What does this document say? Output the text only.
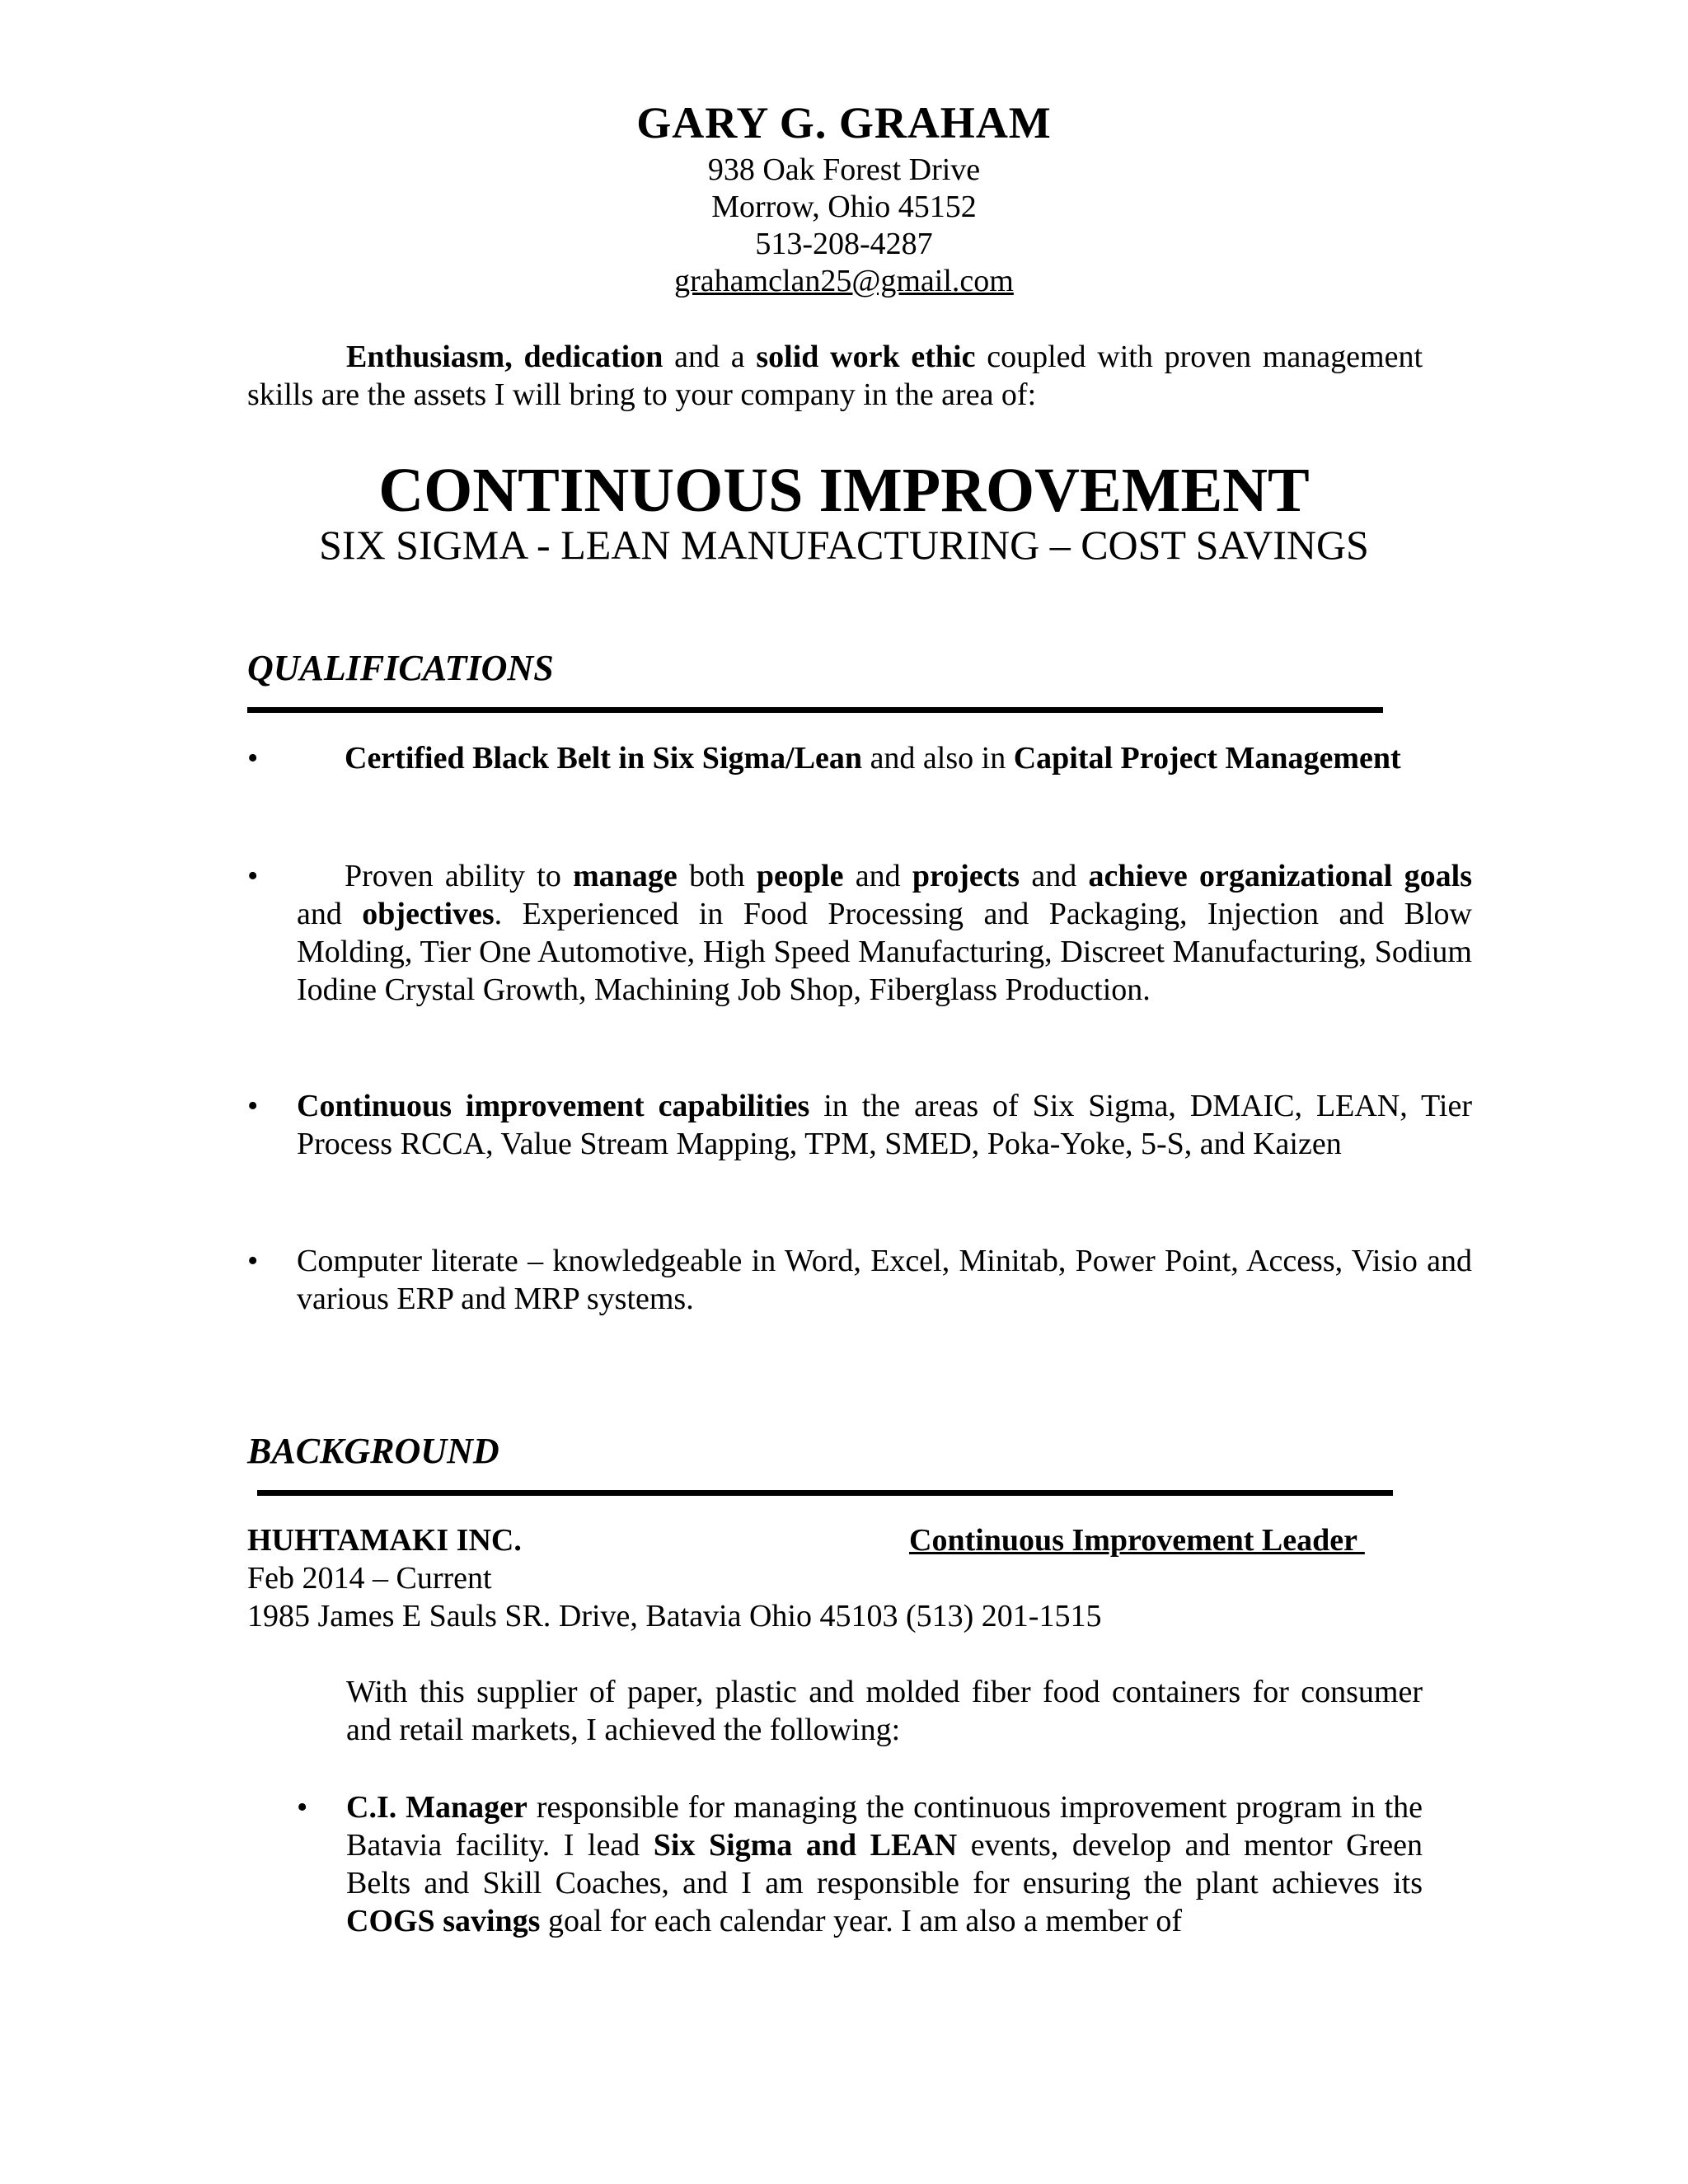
GARY G. GRAHAM
938 Oak Forest Drive
Morrow, Ohio 45152
513-208-4287
grahamclan25@gmail.com
Enthusiasm, dedication and a solid work ethic coupled with proven management skills are the assets I will bring to your company in the area of:
CONTINUOUS IMPROVEMENT
SIX SIGMA - LEAN MANUFACTURING – COST SAVINGS
QUALIFICATIONS
•	Certified Black Belt in Six Sigma/Lean and also in Capital Project Management
•	Proven ability to manage both people and projects and achieve organizational goals and objectives. Experienced in Food Processing and Packaging, Injection and Blow Molding, Tier One Automotive, High Speed Manufacturing, Discreet Manufacturing, Sodium Iodine Crystal Growth, Machining Job Shop, Fiberglass Production.
• Continuous improvement capabilities in the areas of Six Sigma, DMAIC, LEAN, Tier Process RCCA, Value Stream Mapping, TPM, SMED, Poka-Yoke, 5-S, and Kaizen
• Computer literate – knowledgeable in Word, Excel, Minitab, Power Point, Access, Visio and various ERP and MRP systems.
BACKGROUND
HUHTAMAKI INC.	Continuous Improvement Leader
Feb 2014 – Current
1985 James E Sauls SR. Drive, Batavia Ohio 45103 (513) 201-1515
With this supplier of paper, plastic and molded fiber food containers for consumer and retail markets, I achieved the following:
• C.I. Manager responsible for managing the continuous improvement program in the Batavia facility. I lead Six Sigma and LEAN events, develop and mentor Green Belts and Skill Coaches, and I am responsible for ensuring the plant achieves its COGS savings goal for each calendar year. I am also a member of
